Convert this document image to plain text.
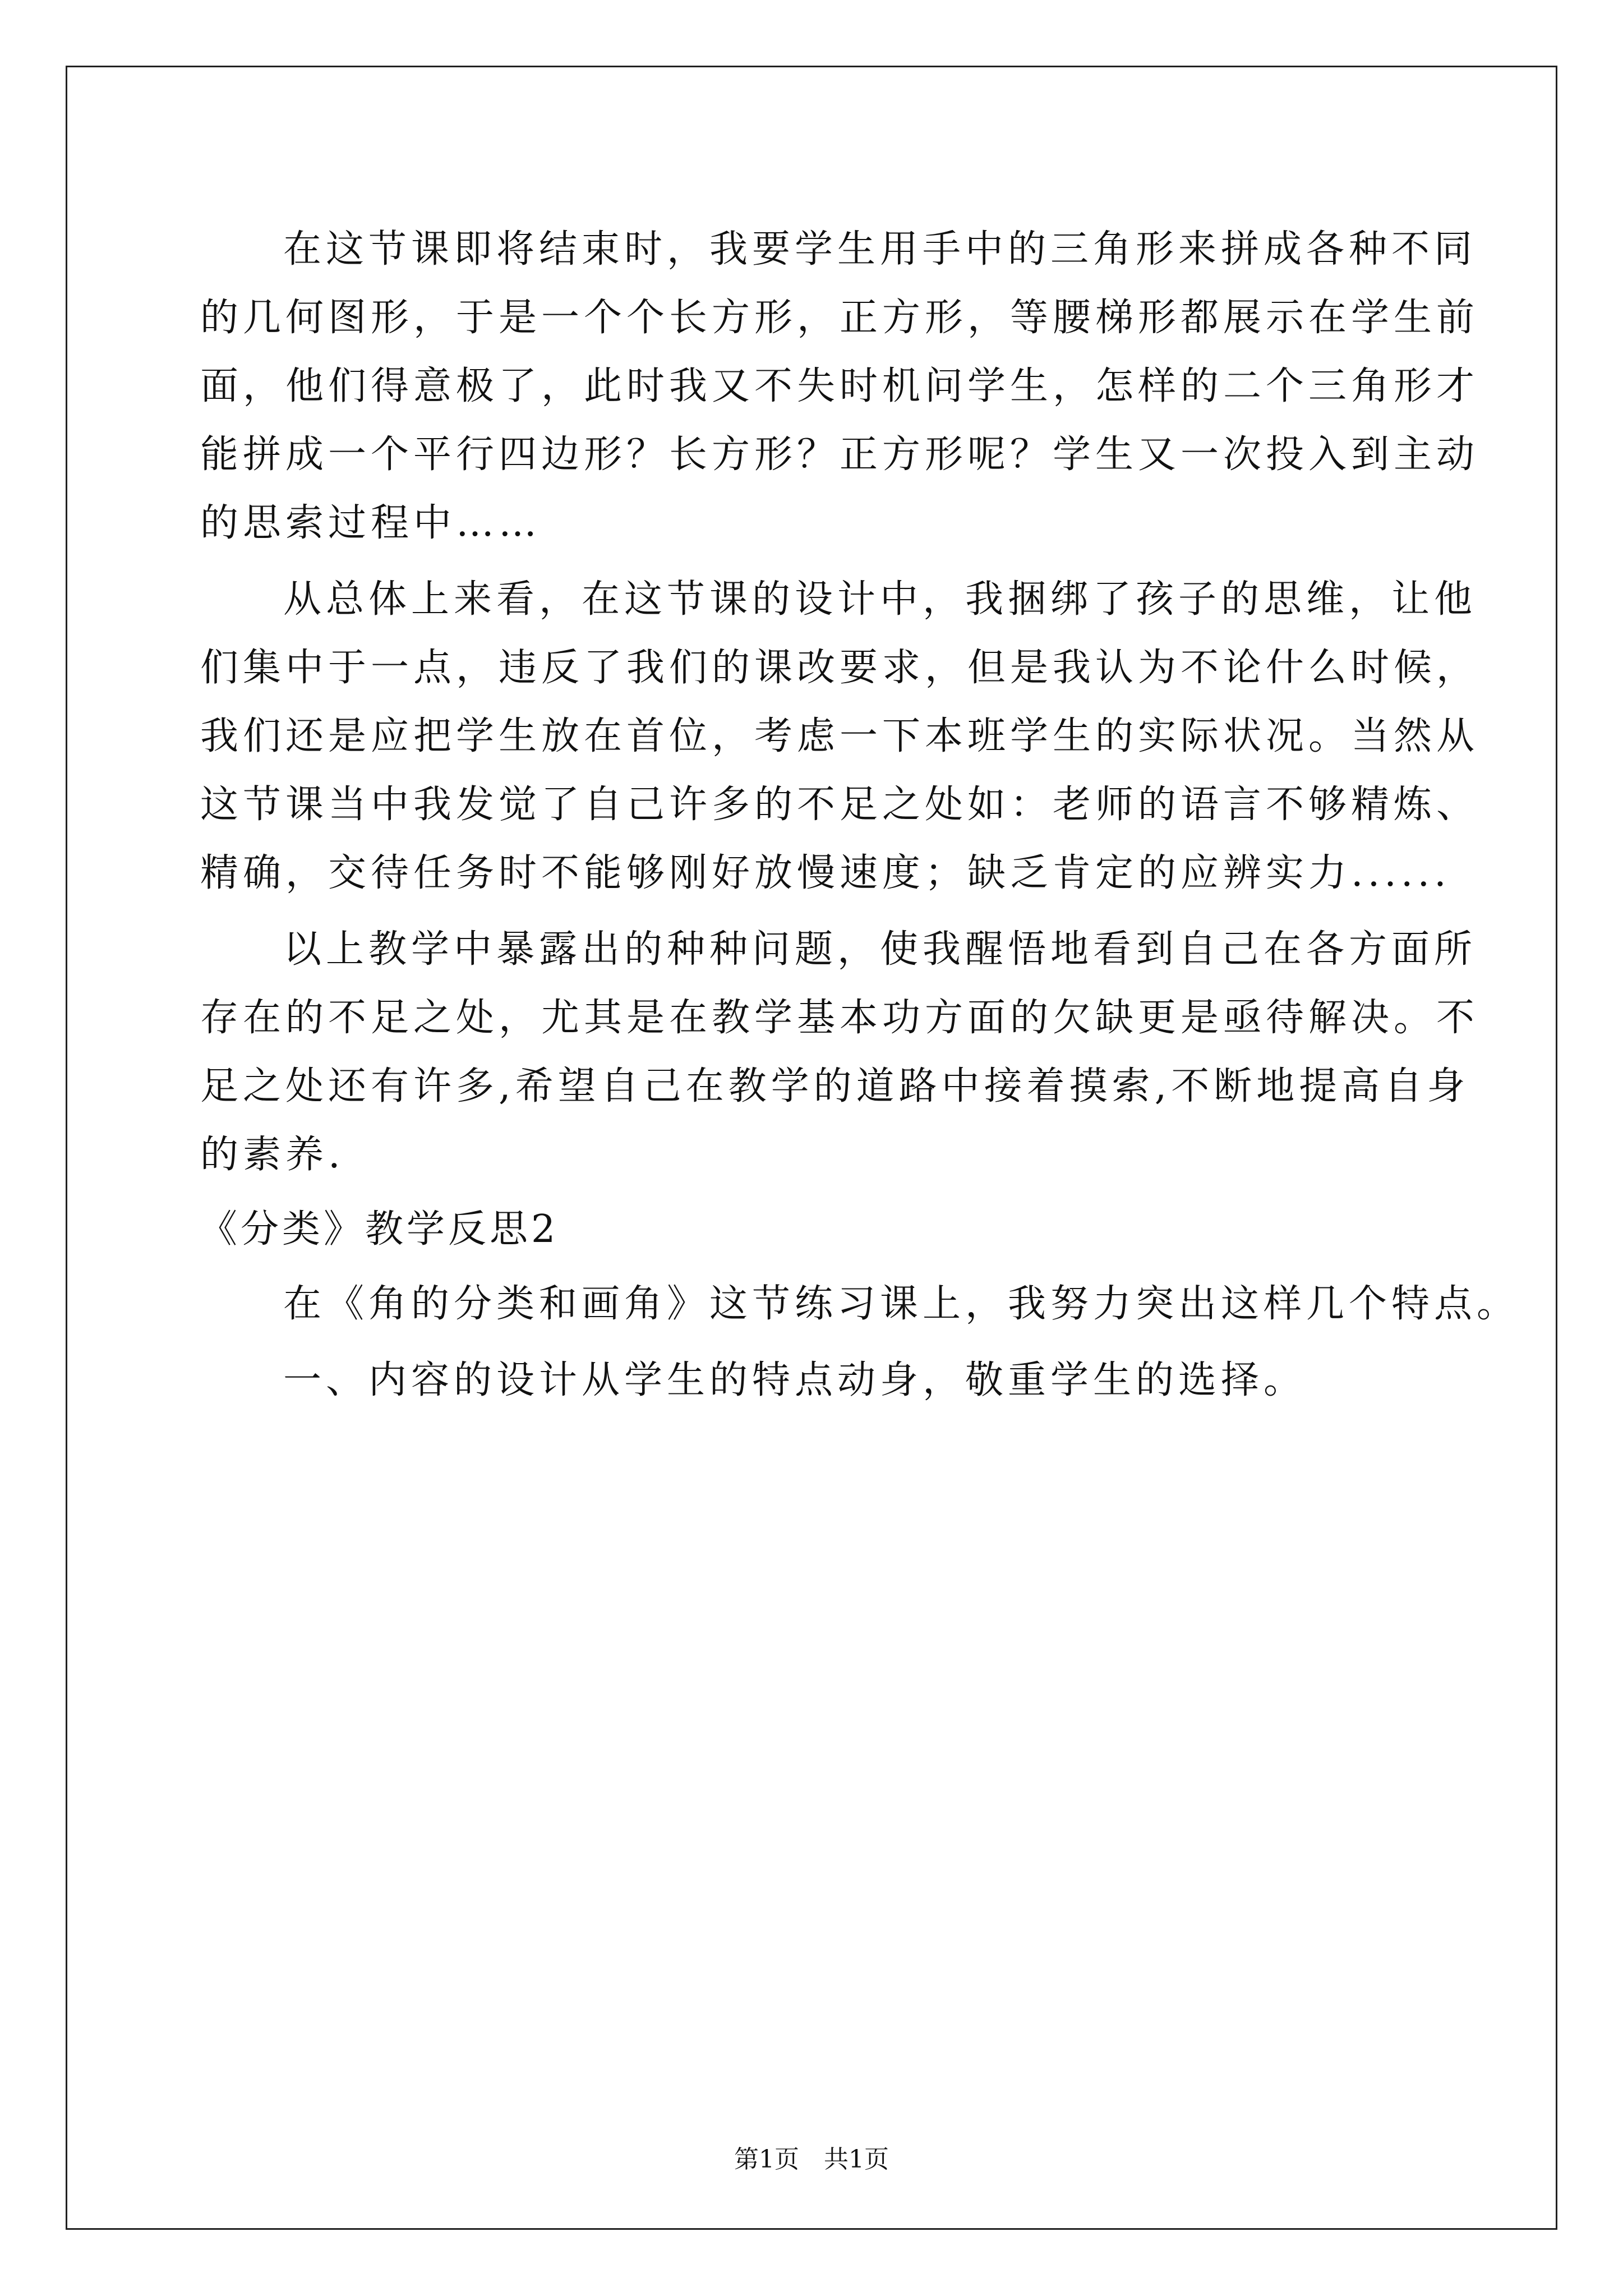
在这节课即将结束时，我要学生用手中的三角形来拼成各种不同
的几何图形，于是一个个长方形，正方形，等腰梯形都展示在学生前
面，他们得意极了，此时我又不失时机问学生，怎样的二个三角形才
能拼成一个平行四边形？长方形？正方形呢？学生又一次投入到主动
的思索过程中……
从总体上来看，在这节课的设计中，我捆绑了孩子的思维，让他
们集中于一点，违反了我们的课改要求，但是我认为不论什么时候，
我们还是应把学生放在首位，考虑一下本班学生的实际状况。当然从
这节课当中我发觉了自己许多的不足之处如：老师的语言不够精炼、
精确，交待任务时不能够刚好放慢速度；缺乏肯定的应辨实力......
以上教学中暴露出的种种问题，使我醒悟地看到自己在各方面所
存在的不足之处，尤其是在教学基本功方面的欠缺更是亟待解决。不
足之处还有许多,希望自己在教学的道路中接着摸索,不断地提高自身
的素养.
《分类》教学反思2
在《角的分类和画角》这节练习课上，我努力突出这样几个特点。
一、内容的设计从学生的特点动身，敬重学生的选择。
第1页　共1页
